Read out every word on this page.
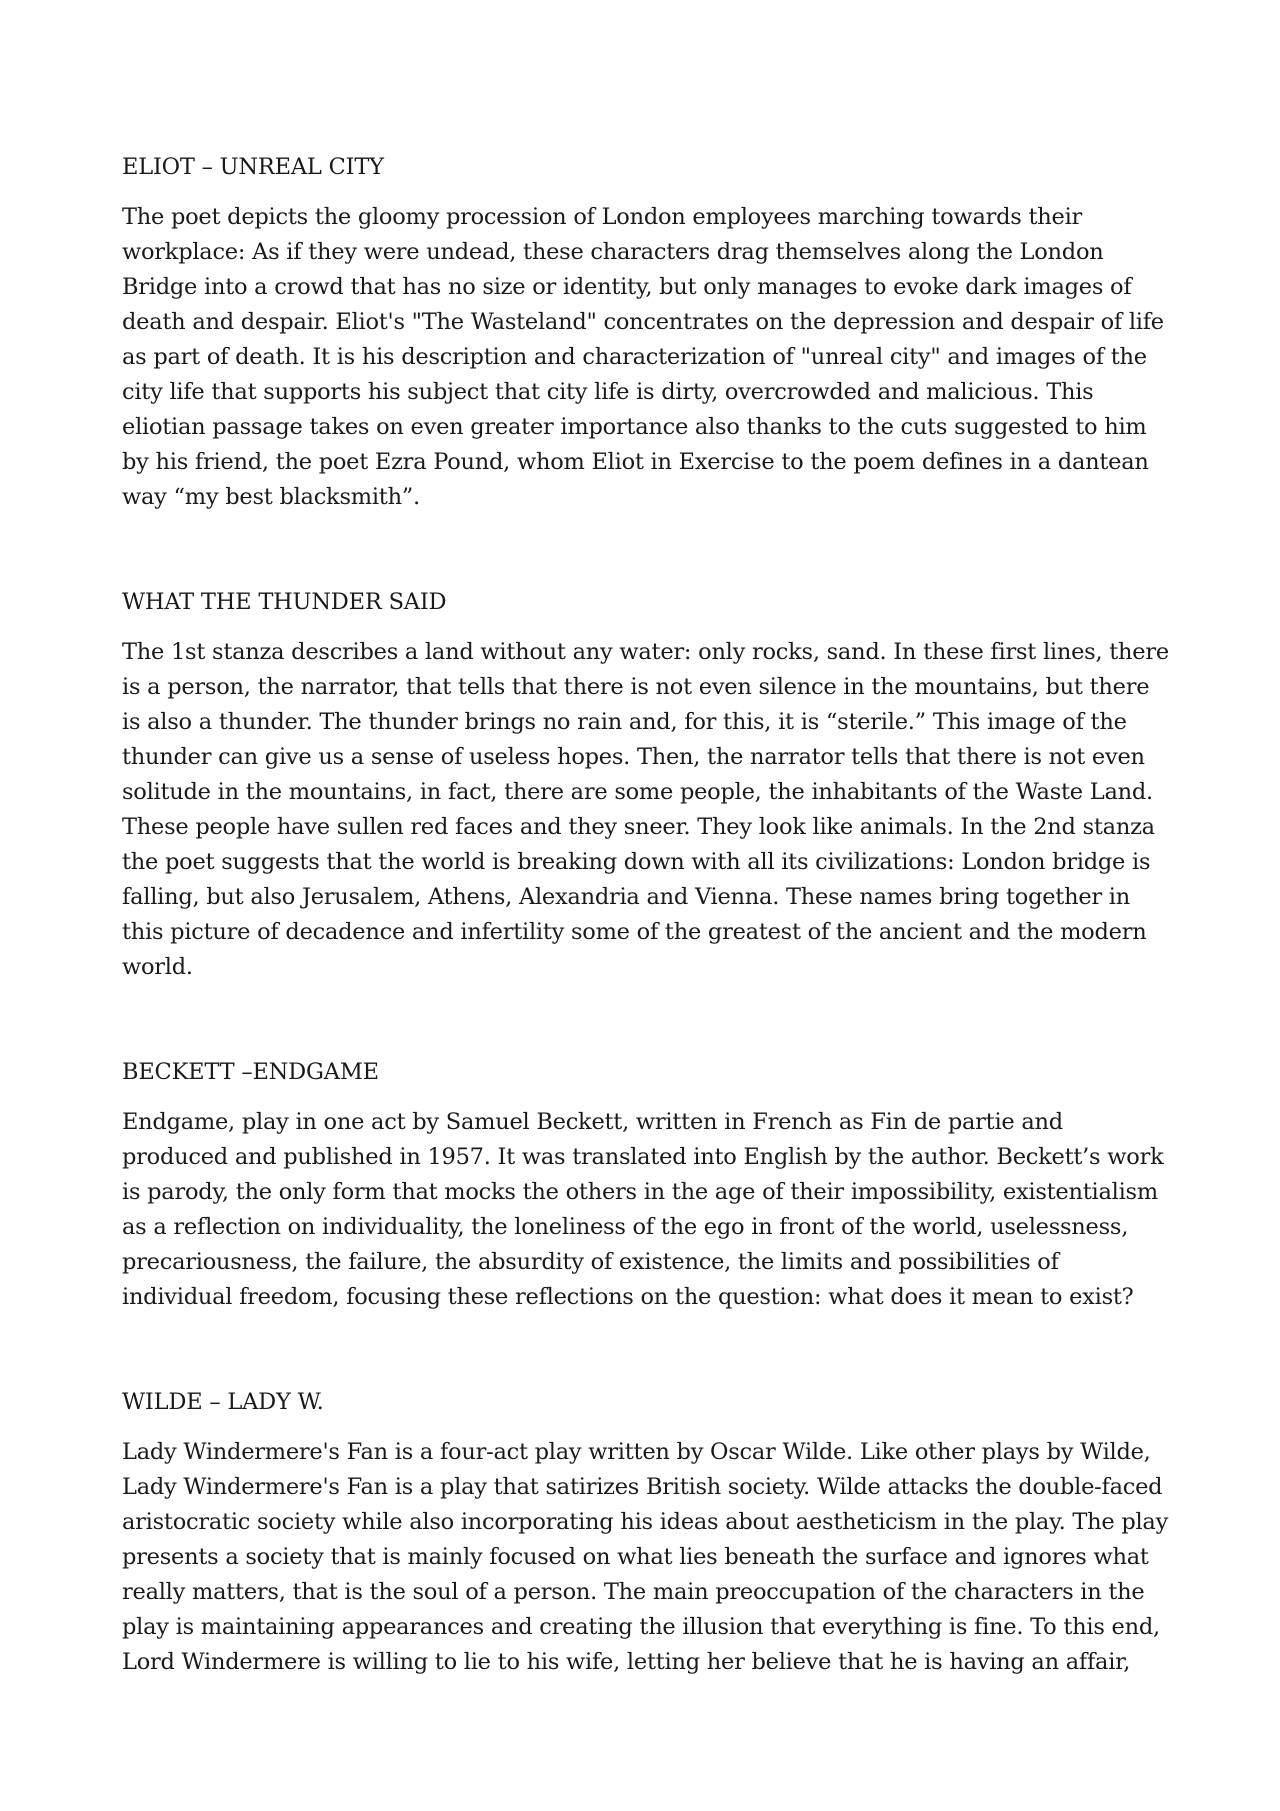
ELIOT – UNREAL CITY

The poet depicts the gloomy procession of London employees marching towards their workplace: As if they were undead, these characters drag themselves along the London Bridge into a crowd that has no size or identity, but only manages to evoke dark images of death and despair. Eliot's "The Wasteland" concentrates on the depression and despair of life as part of death. It is his description and characterization of "unreal city" and images of the city life that supports his subject that city life is dirty, overcrowded and malicious. This eliotian passage takes on even greater importance also thanks to the cuts suggested to him by his friend, the poet Ezra Pound, whom Eliot in Exercise to the poem defines in a dantean way “my best blacksmith”.

WHAT THE THUNDER SAID

The 1st stanza describes a land without any water: only rocks, sand. In these first lines, there is a person, the narrator, that tells that there is not even silence in the mountains, but there is also a thunder. The thunder brings no rain and, for this, it is “sterile.” This image of the thunder can give us a sense of useless hopes. Then, the narrator tells that there is not even solitude in the mountains, in fact, there are some people, the inhabitants of the Waste Land. These people have sullen red faces and they sneer. They look like animals. In the 2nd stanza the poet suggests that the world is breaking down with all its civilizations: London bridge is falling, but also Jerusalem, Athens, Alexandria and Vienna. These names bring together in this picture of decadence and infertility some of the greatest of the ancient and the modern world.

BECKETT –ENDGAME

Endgame, play in one act by Samuel Beckett, written in French as Fin de partie and produced and published in 1957. It was translated into English by the author. Beckett’s work is parody, the only form that mocks the others in the age of their impossibility, existentialism as a reflection on individuality, the loneliness of the ego in front of the world, uselessness, precariousness, the failure, the absurdity of existence, the limits and possibilities of individual freedom, focusing these reflections on the question: what does it mean to exist?

WILDE – LADY W.

Lady Windermere's Fan is a four-act play written by Oscar Wilde. Like other plays by Wilde, Lady Windermere's Fan is a play that satirizes British society. Wilde attacks the double-faced aristocratic society while also incorporating his ideas about aestheticism in the play. The play presents a society that is mainly focused on what lies beneath the surface and ignores what really matters, that is the soul of a person. The main preoccupation of the characters in the play is maintaining appearances and creating the illusion that everything is fine. To this end, Lord Windermere is willing to lie to his wife, letting her believe that he is having an affair,
